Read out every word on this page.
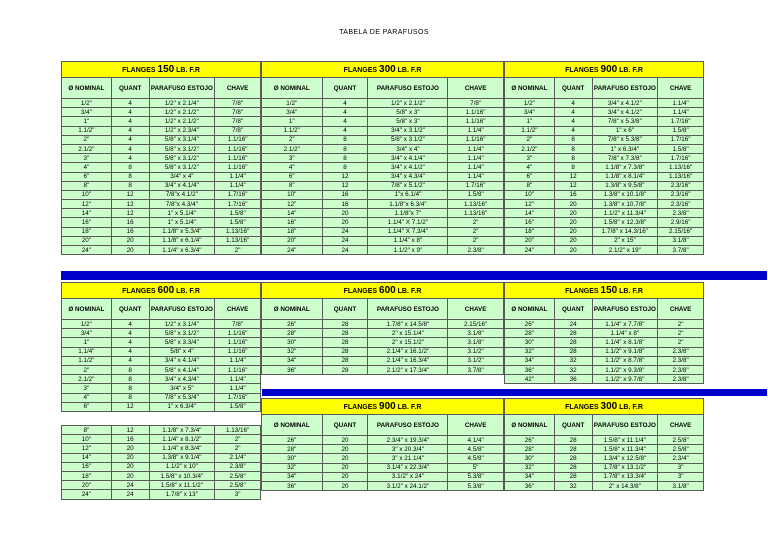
TABELA DE PARAFUSOS
FLANGES 150 LB. F.R			
Ø NOMINAL	QUANT	PARAFUSO ESTOJO	CHAVE
1/2"	4	1/2" x 2.1/4"	7/8"
3/4"	4	1/2" x 2.1/2"	7/8"
1"	4	1/2" x 2.1/2"	7/8"
1.1/2"	4	1/2" x 2.3/4"	7/8"
2"	4	5/8" x 3.1/4"	1.1/16"
2.1/2"	4	5/8" x 3.1/2"	1.1/16"
3"	4	5/8" x 3.1/2"	1.1/16"
4"	8	5/8" x 3.1/2"	1.1/16"
6"	8	3/4" x 4"	1.1/4"
8"	8	3/4" x 4.1/4"	1.1/4"
10"	12	7/8"x 4.1/2"	1.7/16"
12"	12	7/8"x 4.3/4"	1.7/16"
14"	12	1" x 5.1/4"	1.5/8"
16"	16	1" x 5.1/4"	1.5/8"
18"	16	1.1/8" x 5.3/4"	1.13/16"
20"	20	1.1/8" x 6.1/4"	1.13/16"
24"	20	1.1/4" x 6.3/4"	2"
FLANGES 300 LB. F.R			
Ø NOMINAL	QUANT	PARAFUSO ESTOJO	CHAVE
1/2"	4	1/2" x 2.1/2"	7/8"
3/4"	4	5/8" x 3"	1.1/16"
1"	4	5/8" x 3"	1.1/16"
1.1/2"	4	3/4" x 3.1/2"	1.1/4"
2"	8	5/8" x 3.1/2"	1.1/16"
2.1/2"	8	3/4" x 4"	1.1/4"
3"	8	3/4" x 4.1/4"	1.1/4"
4"	8	3/4" x 4.1/2"	1.1/4"
6"	12	3/4" x 4.3/4"	1.1/4"
8"	12	7/8" x 5.1/2"	1.7/16"
10"	16	1"x 6.1/4"	1.5/8"
12"	16	1.1/8"x 6.3/4"	1.13/16"
14"	20	1.1/8"x 7"	1.13/16"
16"	20	1.1/4" X 7.1/2"	2"
18"	24	1.1/4" X 7.3/4"	2"
20"	24	1.1/4" x 8"	2"
24"	24	1.1/2" x 9"	2.3/8"
FLANGES 900 LB. F.R			
Ø NOMINAL	QUANT	PARAFUSO ESTOJO	CHAVE
1/2"	4	3/4" x 4.1/2"	1.1/4"
3/4"	4	3/4" x 4.1/2"	1.1/4"
1"	4	7/8" x 5.3/8"	1.7/16"
1.1/2"	4	1" x 6"	1.5/8"
2"	8	7/8" x 5.3/8"	1.7/16"
2.1/2"	8	1" x 6.3/4"	1.5/8"
3"	8	7/8" x 7.3/8"	1.7/16"
4"	8	1.1/8" x 7.3/8"	1.13/16"
6"	12	1.1/8" x 8.1/4"	1.13/16"
8"	12	1.3/8" x 9.5/8"	2.3/16"
10"	16	1.3/8" x 10.1/8"	2.3/16"
12"	20	1.3/8" x 10.7/8"	2.3/16"
14"	20	1.1/2" x 11.3/4"	2.3/8"
16"	20	1.5/8" x 12.3/8"	2.9/16"
18"	20	1.7/8" x 14.3/16"	2.15/16"
20"	20	2" x 15"	3.1/8"
24"	20	2.1/2" x 19"	3.7/8"
FLANGES 600 LB. F.R			
Ø NOMINAL	QUANT	PARAFUSO ESTOJO	CHAVE
1/2"	4	1/2" x 3.1/4"	7/8"
3/4"	4	5/8" x 3.1/2"	1.1/16"
1"	4	5/8" x 3.3/4"	1.1/16"
1.1/4"	4	5/8" x 4"	1.1/16"
1.1/2"	4	3/4" x 4.1/4"	1.1/4"
2"	8	5/8" x 4.1/4"	1.1/16"
2.1/2"	8	3/4" x 4.3/4"	1.1/4"
3"	8	3/4" x 5"	1.1/4"
4"	8	7/8" x 5.3/4"	1.7/16"
6"	12	1" x 6.3/4"	1.5/8"
FLANGES 600 LB. F.R			
Ø NOMINAL	QUANT	PARAFUSO ESTOJO	CHAVE
26"	28	1.7/8" x 14.5/8"	2.15/16"
28"	28	2" x 15.1/4"	3.1/8"
30"	28	2" x 15.1/2"	3.1/8"
32"	28	2.1/4" x 16.1/2"	3.1/2"
34"	28	2.1/4" x 16.3/4"	3.1/2"
36"	28	2.1/2" x 17.3/4"	3.7/8"
FLANGES 150 LB. F.R			
Ø NOMINAL	QUANT	PARAFUSO ESTOJO	CHAVE
26"	24	1.1/4" x 7.7/8"	2"
28"	28	1.1/4" x 8"	2"
30"	28	1.1/4" x 8.1/8"	2"
32"	28	1.1/2" x 9.1/8"	2.3/8"
34"	32	1.1/2" x 8.7/8"	2.3/8"
36"	32	1.1/2" x 9.3/8"	2.3/8"
42"	36	1.1/2" x 9.7/8"	2.3/8"
8"	12	1.1/8" x 7.3/4"	1.13/16"
10"	16	1.1/4" x 8.1/2"	2"
12"	20	1.1/4" x 8.3/4"	2"
14"	20	1.3/8" x 9.1/4"	2.1/4"
16"	20	1.1/2" x 10"	2.3/8"
18"	20	1.5/8" x 10.3/4"	2.5/8"
20"	24	1.5/8" x 11.1/2"	2.5/8"
24"	24	1.7/8" x 13"	3"
FLANGES 900 LB. F.R			
Ø NOMINAL	QUANT	PARAFUSO ESTOJO	CHAVE
26"	20	2.3/4" x 19.3/4"	4.1/4"
28"	20	3" x 20.3/4"	4.5/8"
30"	20	3" x 21.1/4"	4.5/8"
32"	20	3.1/4" x 22.3/4"	5"
34"	20	3.1/2" x 24"	5.3/8"
36"	20	3.1/2" x 24.1/2"	5.3/8"
FLANGES 300 LB. F.R			
Ø NOMINAL	QUANT	PARAFUSO ESTOJO	CHAVE
26"	28	1.5/8" x 11.1/4"	2.5/8"
28"	28	1.5/8" x 11.3/4"	2.5/8"
30"	28	1.3/4" x 12.5/8"	2.3/4"
32"	28	1.7/8" x 13.1/2"	3"
34"	28	1.7/8" x 13.3/4"	3"
36"	32	2" x 14.3/8"	3.1/8"
